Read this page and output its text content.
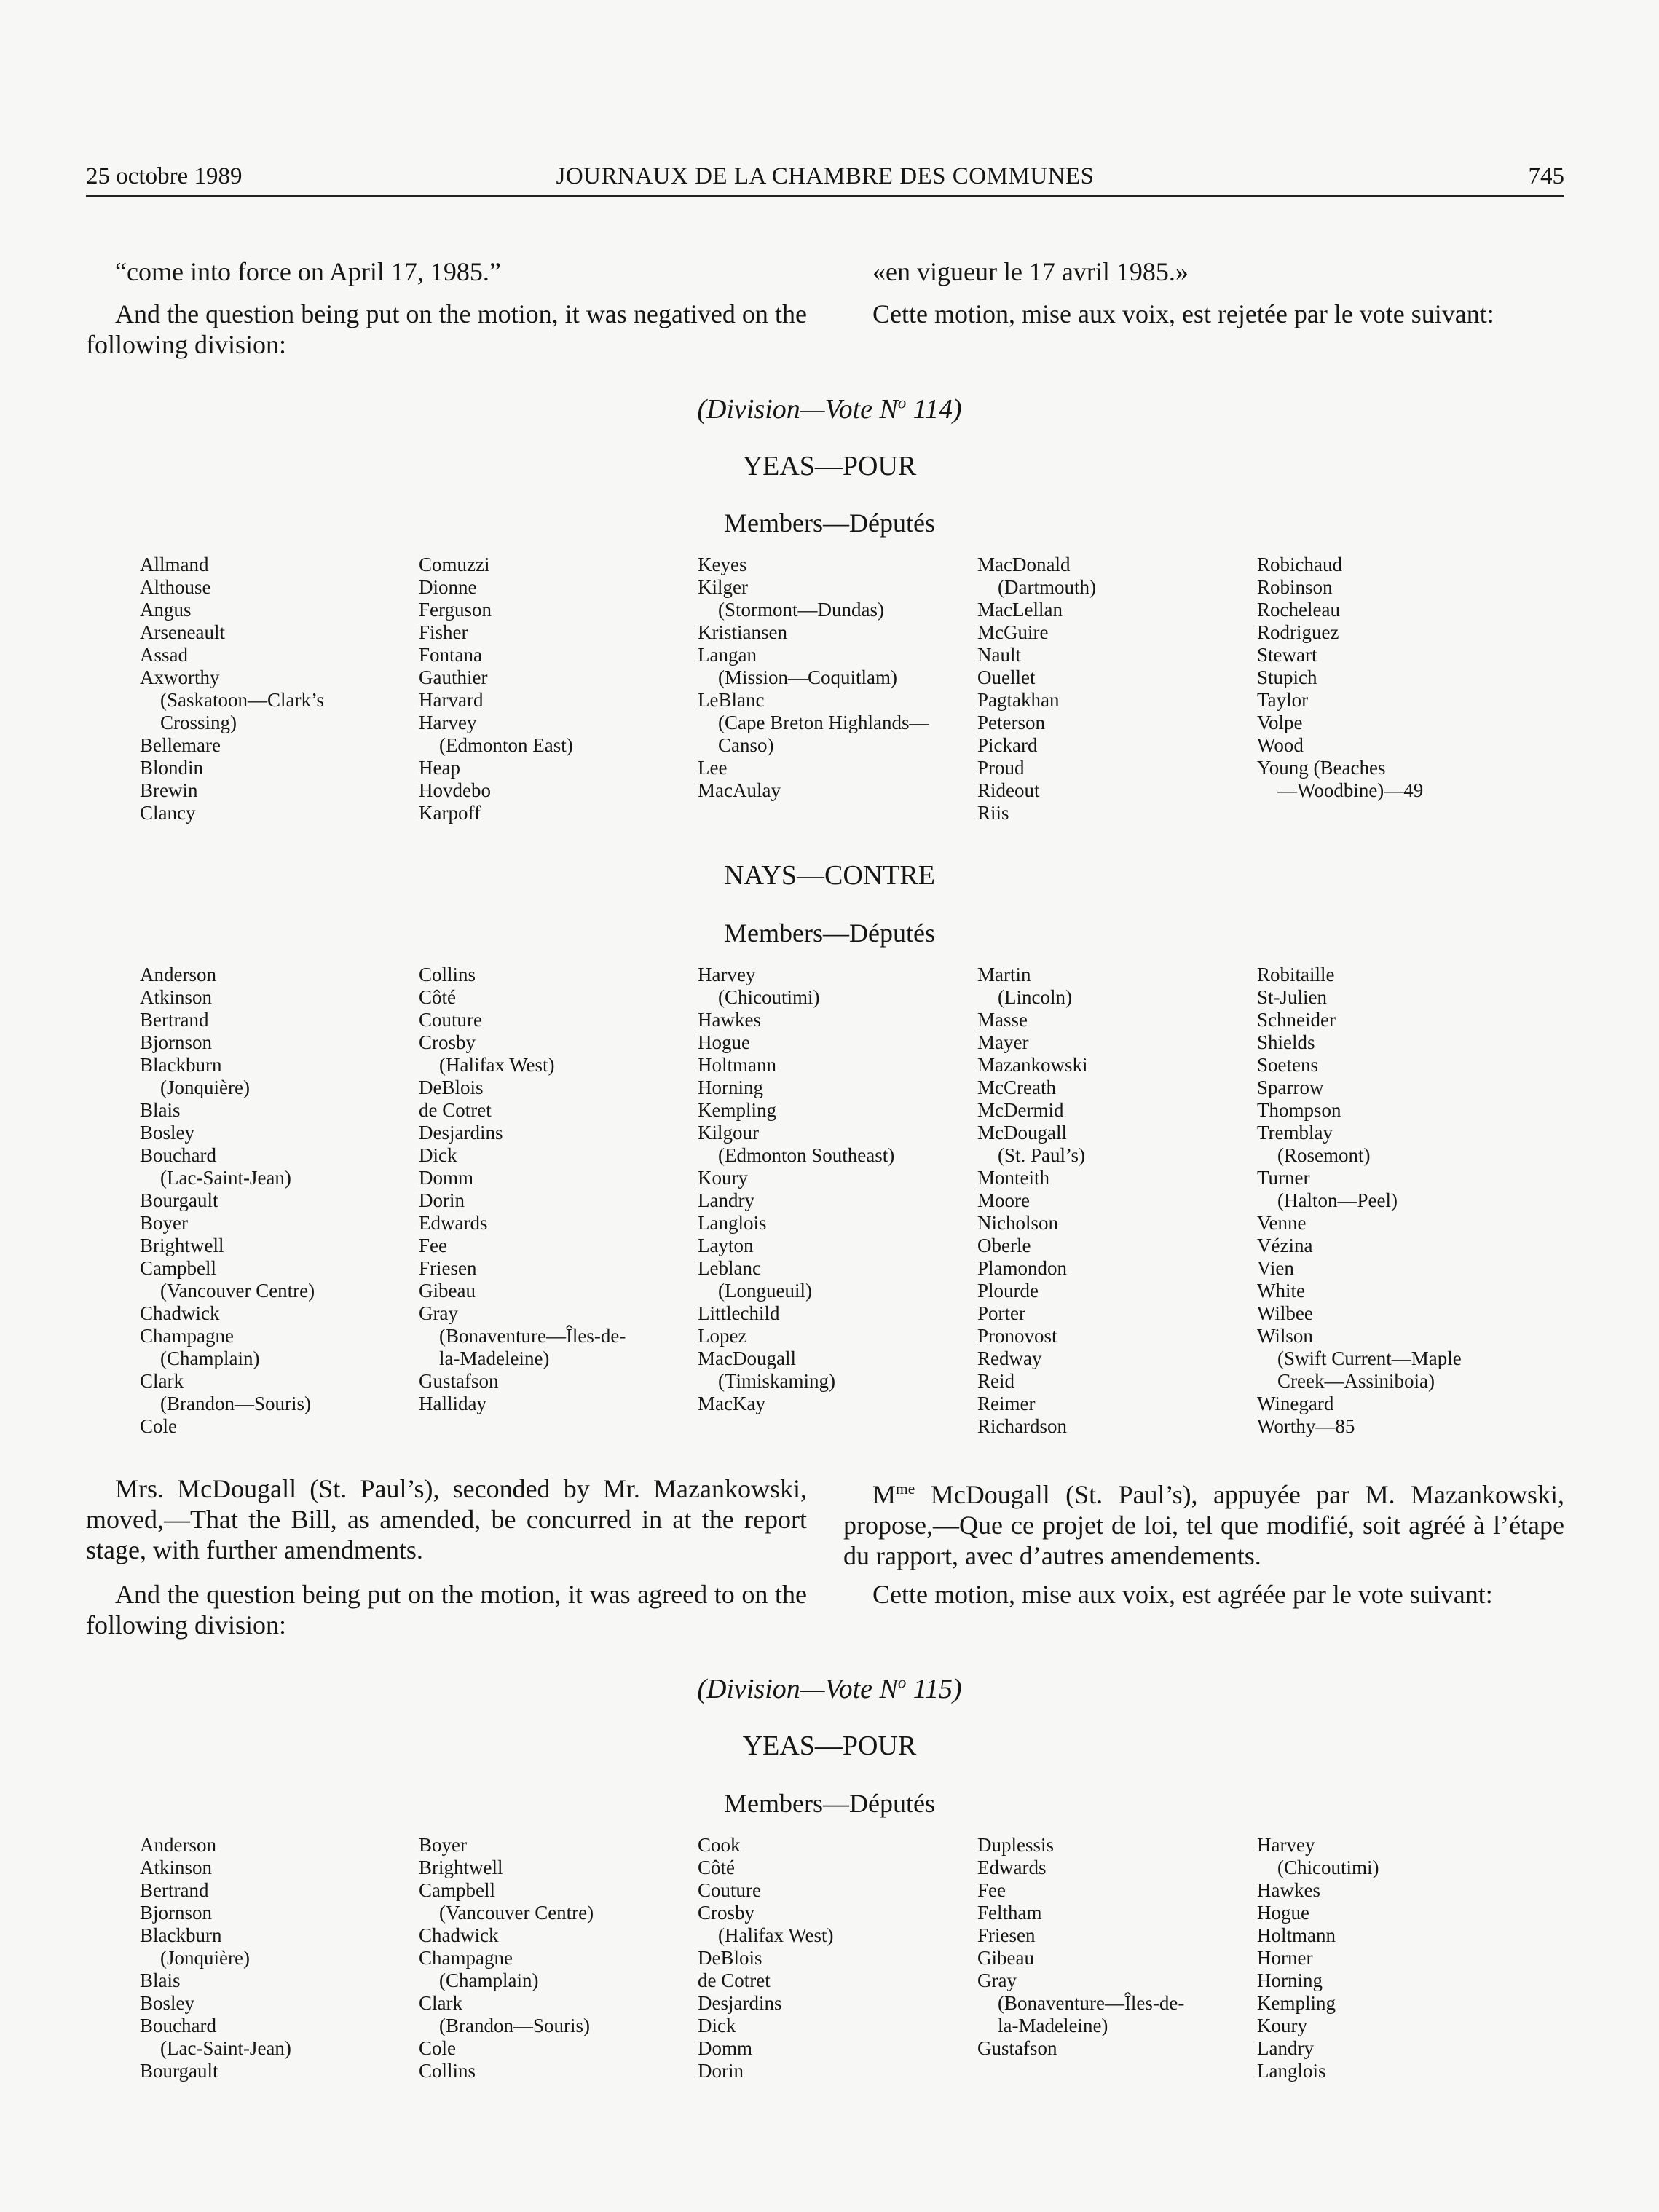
25 octobre 1989	JOURNAUX DE LA CHAMBRE DES COMMUNES	745
“come into force on April 17, 1985.”	«en vigueur le 17 avril 1985.»
And the question being put on the motion, it was negatived on the following division:
Cette motion, mise aux voix, est rejetée par le vote suivant:
(Division—Vote $N^o$ 114)
YEAS—POUR
Members—Députés
Allmand
Althouse
Angus
Arseneault
Assad
Axworthy
(Saskatoon—Clark’s
Crossing)
Bellemare
Blondin
Brewin
Clancy
Comuzzi
Dionne
Ferguson
Fisher
Fontana
Gauthier
Harvard
Harvey
(Edmonton East)
Heap
Hovdebo
Karpoff
Keyes
Kilger
(Stormont—Dundas)
Kristiansen
Langan
(Mission—Coquitlam)
LeBlanc
(Cape Breton Highlands—
Canso)
Lee
MacAulay
MacDonald
(Dartmouth)
MacLellan
McGuire
Nault
Ouellet
Pagtakhan
Peterson
Pickard
Proud
Rideout
Riis
Robichaud
Robinson
Rocheleau
Rodriguez
Stewart
Stupich
Taylor
Volpe
Wood
Young (Beaches
—Woodbine)—49
NAYS—CONTRE
Members—Députés
Anderson
Atkinson
Bertrand
Bjornson
Blackburn
(Jonquière)
Blais
Bosley
Bouchard
(Lac-Saint-Jean)
Bourgault
Boyer
Brightwell
Campbell
(Vancouver Centre)
Chadwick
Champagne
(Champlain)
Clark
(Brandon—Souris)
Cole
Collins
Côté
Couture
Crosby
(Halifax West)
DeBlois
de Cotret
Desjardins
Dick
Domm
Dorin
Edwards
Fee
Friesen
Gibeau
Gray
(Bonaventure—Îles-de-
la-Madeleine)
Gustafson
Halliday
Harvey
(Chicoutimi)
Hawkes
Hogue
Holtmann
Horning
Kempling
Kilgour
(Edmonton Southeast)
Koury
Landry
Langlois
Layton
Leblanc
(Longueuil)
Littlechild
Lopez
MacDougall
(Timiskaming)
MacKay
Martin
(Lincoln)
Masse
Mayer
Mazankowski
McCreath
McDermid
McDougall
(St. Paul’s)
Monteith
Moore
Nicholson
Oberle
Plamondon
Plourde
Porter
Pronovost
Redway
Reid
Reimer
Richardson
Robitaille
St-Julien
Schneider
Shields
Soetens
Sparrow
Thompson
Tremblay
(Rosemont)
Turner
(Halton—Peel)
Venne
Vézina
Vien
White
Wilbee
Wilson
(Swift Current—Maple
Creek—Assiniboia)
Winegard
Worthy—85
Mrs. McDougall (St. Paul’s), seconded by Mr. Mazankowski, moved,—That the Bill, as amended, be concurred in at the report stage, with further amendments.
$M^{me}$ McDougall (St. Paul’s), appuyée par M. Mazankowski, propose,—Que ce projet de loi, tel que modifié, soit agréé à l’étape du rapport, avec d’autres amendements.
And the question being put on the motion, it was agreed to on the following division:
Cette motion, mise aux voix, est agréée par le vote suivant:
(Division—Vote $N^o$ 115)
YEAS—POUR
Members—Députés
Anderson
Atkinson
Bertrand
Bjornson
Blackburn
(Jonquière)
Blais
Bosley
Bouchard
(Lac-Saint-Jean)
Bourgault
Boyer
Brightwell
Campbell
(Vancouver Centre)
Chadwick
Champagne
(Champlain)
Clark
(Brandon—Souris)
Cole
Collins
Cook
Côté
Couture
Crosby
(Halifax West)
DeBlois
de Cotret
Desjardins
Dick
Domm
Dorin
Duplessis
Edwards
Fee
Feltham
Friesen
Gibeau
Gray
(Bonaventure—Îles-de-
la-Madeleine)
Gustafson
Harvey
(Chicoutimi)
Hawkes
Hogue
Holtmann
Horner
Horning
Kempling
Koury
Landry
Langlois
